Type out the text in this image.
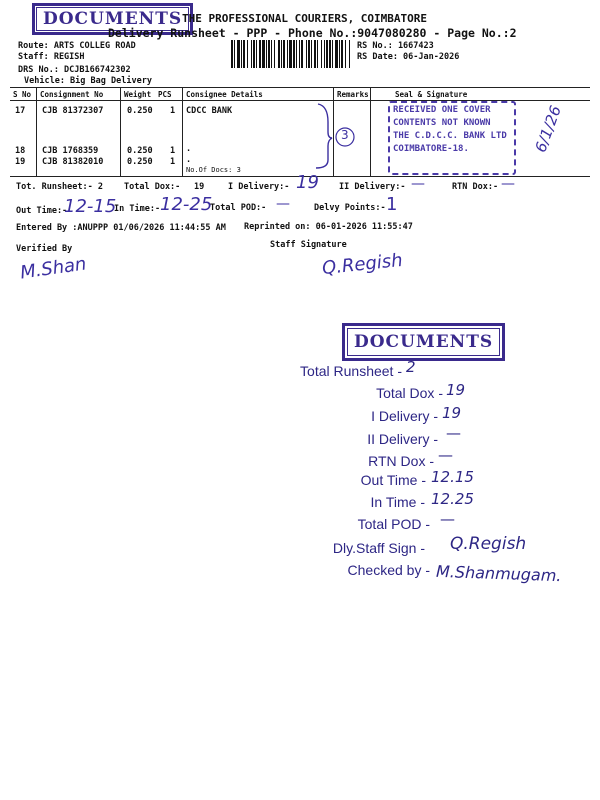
DOCUMENTS THE PROFESSIONAL COURIERS, COIMBATORE
Delivery Runsheet - PPP - Phone No.:9047080280 - Page No.:2
Route: ARTS COLLEG ROAD
Staff: REGISH
DRS No.: DCJB166742302
Vehicle: Big Bag Delivery
RS No.: 1667423
RS Date: 06-Jan-2026
S No Consignment No	Weight PCS Consignee Details	Remarks	Seal & Signature
17 CJB 81372307	0.250 1 CDCC BANK
18 CJB 1768359	0.250 1 .
19 CJB 81382010	0.250 1 .
No.Of Docs: 3
3
RECEIVED ONE COVER
CONTENTS NOT KNOWN
THE C.D.C.C. BANK LTD
COIMBATORE-18.	6/1/26
Tot. Runsheet:- 2 Total Dox:- 19	I Delivery:- 19 II Delivery:- —	RTN Dox:- —
Out Time:-
12-15
In Time:- 12-25
Total POD:- —	Delvy Points:- 1
Entered By :ANUPPP 01/06/2026 11:44:55 AM Reprinted on: 06-01-2026 11:55:47
Verified By	Staff Signature
M.Shan	Q.Regish
DOCUMENTS
Total Runsheet - 2
Total Dox - 19
I Delivery - 19
II Delivery - —
RTN Dox - —
Out Time - 12.15
In Time - 12.25
Total POD - —
Dly.Staff Sign - Q.Regish
Checked by - M.Shanmugam.
